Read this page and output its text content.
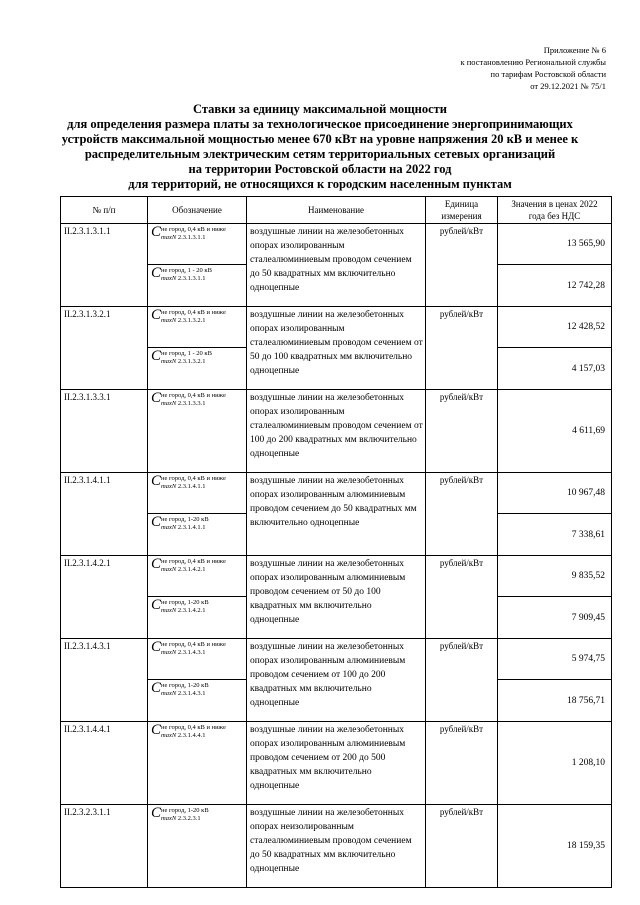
Приложение № 6
к постановлению Региональной службы
по тарифам Ростовской области
от 29.12.2021 № 75/1
Ставки за единицу максимальной мощности
для определения размера платы за технологическое присоединение энергопринимающих
устройств максимальной мощностью менее 670 кВт на уровне напряжения 20 кВ и менее к
распределительным электрическим сетям территориальных сетевых организаций
на территории Ростовской области на 2022 год
для территорий, не относящихся к городским населенным пунктам
№ п/п	Обозначение	Наименование	Единица измерения	Значения в ценах 2022 года без НДС
II.2.3.1.3.1.1	Cне город, 0,4 кВ и ниже
maxN 2.3.1.3.1.1	воздушные линии на железобетонных опорах изолированным сталеалюминиевым проводом сечением до 50 квадратных мм включительно одноцепные	рублей/кВт	13 565,90

	Cне город, 1 - 20 кВ
maxN 2.3.1.3.1.1			12 742,28
II.2.3.1.3.2.1	Cне город, 0,4 кВ и ниже
maxN 2.3.1.3.2.1	воздушные линии на железобетонных опорах изолированным сталеалюминиевым проводом сечением от 50 до 100 квадратных мм включительно одноцепные	рублей/кВт	12 428,52

	Cне город, 1 - 20 кВ
maxN 2.3.1.3.2.1			4 157,03
II.2.3.1.3.3.1	Cне город, 0,4 кВ и ниже
maxN 2.3.1.3.3.1	воздушные линии на железобетонных опорах изолированным сталеалюминиевым проводом сечением от 100 до 200 квадратных мм включительно одноцепные	рублей/кВт	4 611,69
II.2.3.1.4.1.1	Cне город, 0,4 кВ и ниже
maxN 2.3.1.4.1.1	воздушные линии на железобетонных опорах изолированным алюминиевым проводом сечением до 50 квадратных мм включительно одноцепные	рублей/кВт	10 967,48

	Cне город, 1-20 кВ
maxN 2.3.1.4.1.1			7 338,61
II.2.3.1.4.2.1	Cне город, 0,4 кВ и ниже
maxN 2.3.1.4.2.1	воздушные линии на железобетонных опорах изолированным алюминиевым проводом сечением от 50 до 100 квадратных мм включительно одноцепные	рублей/кВт	9 835,52

	Cне город, 1-20 кВ
maxN 2.3.1.4.2.1			7 909,45
II.2.3.1.4.3.1	Cне город, 0,4 кВ и ниже
maxN 2.3.1.4.3.1	воздушные линии на железобетонных опорах изолированным алюминиевым проводом сечением от 100 до 200 квадратных мм включительно одноцепные	рублей/кВт	5 974,75

	Cне город, 1-20 кВ
maxN 2.3.1.4.3.1			18 756,71
II.2.3.1.4.4.1	Cне город, 0,4 кВ и ниже
maxN 2.3.1.4.4.1	воздушные линии на железобетонных опорах изолированным алюминиевым проводом сечением от 200 до 500 квадратных мм включительно одноцепные	рублей/кВт	1 208,10
II.2.3.2.3.1.1	Cне город, 1-20 кВ
maxN 2.3.2.3.1	воздушные линии на железобетонных опорах неизолированным сталеалюминиевым проводом сечением до 50 квадратных мм включительно одноцепные	рублей/кВт	18 159,35
